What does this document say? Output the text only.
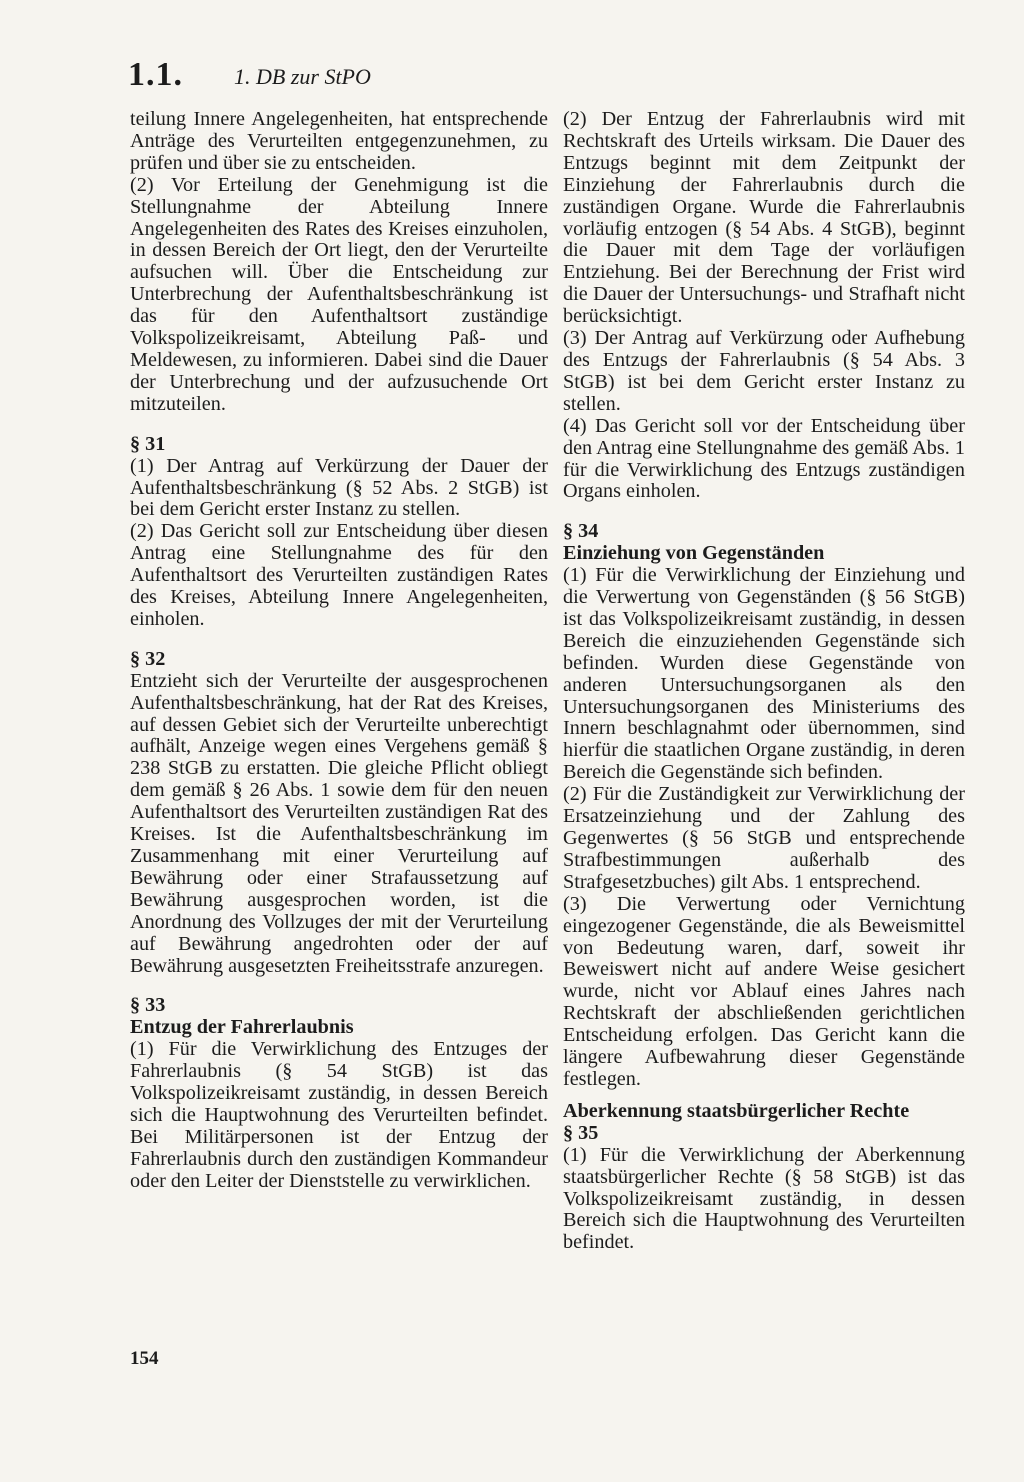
1.1. 1. DB zur StPO

teilung Innere Angelegenheiten, hat entsprechende Anträge des Verurteilten entgegenzunehmen, zu prüfen und über sie zu entscheiden.

(2) Vor Erteilung der Genehmigung ist die Stellungnahme der Abteilung Innere Angelegenheiten des Rates des Kreises einzuholen, in dessen Bereich der Ort liegt, den der Verurteilte aufsuchen will. Über die Entscheidung zur Unterbrechung der Aufenthaltsbeschränkung ist das für den Aufenthaltsort zuständige Volkspolizeikreisamt, Abteilung Paß- und Meldewesen, zu informieren. Dabei sind die Dauer der Unterbrechung und der aufzusuchende Ort mitzuteilen.

§ 31

(1) Der Antrag auf Verkürzung der Dauer der Aufenthaltsbeschränkung (§ 52 Abs. 2 StGB) ist bei dem Gericht erster Instanz zu stellen.

(2) Das Gericht soll zur Entscheidung über diesen Antrag eine Stellungnahme des für den Aufenthaltsort des Verurteilten zuständigen Rates des Kreises, Abteilung Innere Angelegenheiten, einholen.

§ 32

Entzieht sich der Verurteilte der ausgesprochenen Aufenthaltsbeschränkung, hat der Rat des Kreises, auf dessen Gebiet sich der Verurteilte unberechtigt aufhält, Anzeige wegen eines Vergehens gemäß § 238 StGB zu erstatten. Die gleiche Pflicht obliegt dem gemäß § 26 Abs. 1 sowie dem für den neuen Aufenthaltsort des Verurteilten zuständigen Rat des Kreises. Ist die Aufenthaltsbeschränkung im Zusammenhang mit einer Verurteilung auf Bewährung oder einer Strafaussetzung auf Bewährung ausgesprochen worden, ist die Anordnung des Vollzuges der mit der Verurteilung auf Bewährung angedrohten oder der auf Bewährung ausgesetzten Freiheitsstrafe anzuregen.

§ 33

Entzug der Fahrerlaubnis

(1) Für die Verwirklichung des Entzuges der Fahrerlaubnis (§ 54 StGB) ist das Volkspolizeikreisamt zuständig, in dessen Bereich sich die Hauptwohnung des Verurteilten befindet. Bei Militärpersonen ist der Entzug der Fahrerlaubnis durch den zuständigen Kommandeur oder den Leiter der Dienststelle zu verwirklichen.

(2) Der Entzug der Fahrerlaubnis wird mit Rechtskraft des Urteils wirksam. Die Dauer des Entzugs beginnt mit dem Zeitpunkt der Einziehung der Fahrerlaubnis durch die zuständigen Organe. Wurde die Fahrerlaubnis vorläufig entzogen (§ 54 Abs. 4 StGB), beginnt die Dauer mit dem Tage der vorläufigen Entziehung. Bei der Berechnung der Frist wird die Dauer der Untersuchungs- und Strafhaft nicht berücksichtigt.

(3) Der Antrag auf Verkürzung oder Aufhebung des Entzugs der Fahrerlaubnis (§ 54 Abs. 3 StGB) ist bei dem Gericht erster Instanz zu stellen.

(4) Das Gericht soll vor der Entscheidung über den Antrag eine Stellungnahme des gemäß Abs. 1 für die Verwirklichung des Entzugs zuständigen Organs einholen.

§ 34

Einziehung von Gegenständen

(1) Für die Verwirklichung der Einziehung und die Verwertung von Gegenständen (§ 56 StGB) ist das Volkspolizeikreisamt zuständig, in dessen Bereich die einzuziehenden Gegenstände sich befinden. Wurden diese Gegenstände von anderen Untersuchungsorganen als den Untersuchungsorganen des Ministeriums des Innern beschlagnahmt oder übernommen, sind hierfür die staatlichen Organe zuständig, in deren Bereich die Gegenstände sich befinden.

(2) Für die Zuständigkeit zur Verwirklichung der Ersatzeinziehung und der Zahlung des Gegenwertes (§ 56 StGB und entsprechende Strafbestimmungen außerhalb des Strafgesetzbuches) gilt Abs. 1 entsprechend.

(3) Die Verwertung oder Vernichtung eingezogener Gegenstände, die als Beweismittel von Bedeutung waren, darf, soweit ihr Beweiswert nicht auf andere Weise gesichert wurde, nicht vor Ablauf eines Jahres nach Rechtskraft der abschließenden gerichtlichen Entscheidung erfolgen. Das Gericht kann die längere Aufbewahrung dieser Gegenstände festlegen.

Aberkennung staatsbürgerlicher Rechte

§ 35

(1) Für die Verwirklichung der Aberkennung staatsbürgerlicher Rechte (§ 58 StGB) ist das Volkspolizeikreisamt zuständig, in dessen Bereich sich die Hauptwohnung des Verurteilten befindet.

154
